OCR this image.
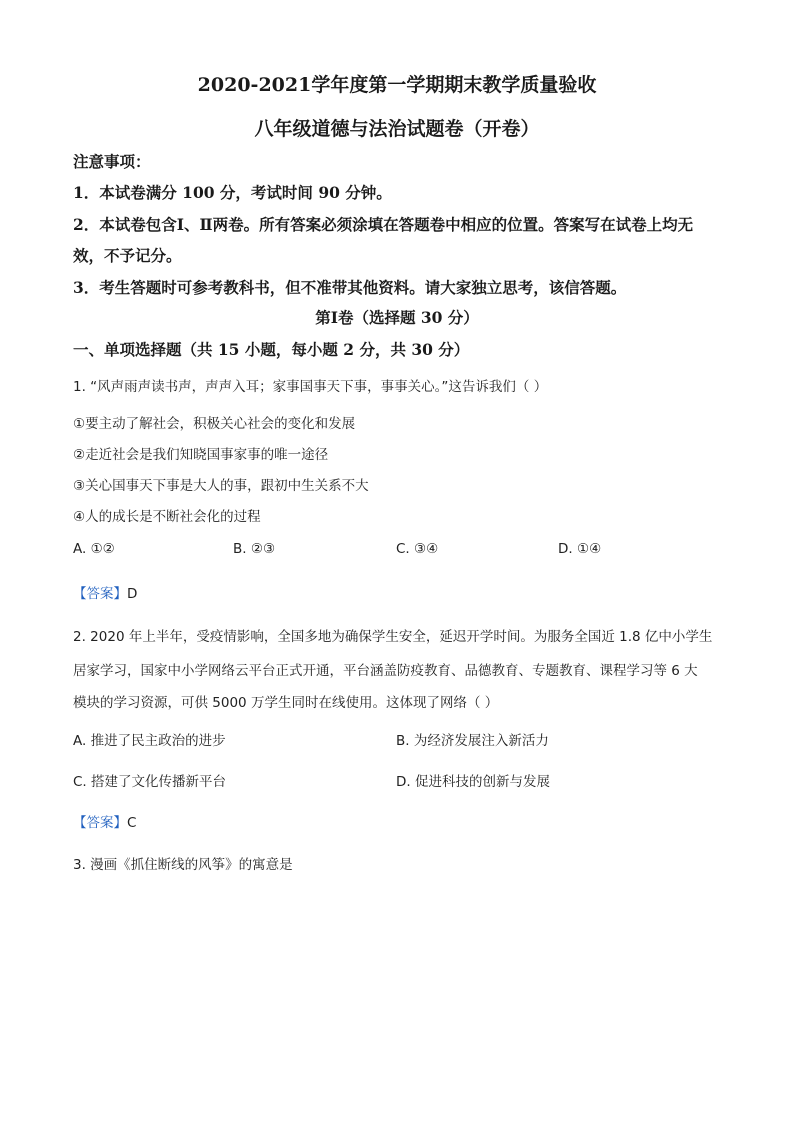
2020-2021学年度第一学期期末教学质量验收
八年级道德与法治试题卷（开卷）
注意事项：
1．本试卷满分 100 分，考试时间 90 分钟。
2．本试卷包含Ⅰ、Ⅱ两卷。所有答案必须涂填在答题卷中相应的位置。答案写在试卷上均无
效，不予记分。
3．考生答题时可参考教科书，但不准带其他资料。请大家独立思考，该信答题。
第Ⅰ卷（选择题 30 分）
一、单项选择题（共 15 小题，每小题 2 分，共 30 分）
1. “风声雨声读书声，声声入耳；家事国事天下事，事事关心。”这告诉我们（ ）
①要主动了解社会，积极关心社会的变化和发展
②走近社会是我们知晓国事家事的唯一途径
③关心国事天下事是大人的事，跟初中生关系不大
④人的成长是不断社会化的过程
A. ①②	B. ②③	C. ③④	D. ①④
【答案】D
2. 2020 年上半年，受疫情影响，全国多地为确保学生安全，延迟开学时间。为服务全国近 1.8 亿中小学生
居家学习，国家中小学网络云平台正式开通，平台涵盖防疫教育、品德教育、专题教育、课程学习等 6 大
模块的学习资源，可供 5000 万学生同时在线使用。这体现了网络（ ）
A. 推进了民主政治的进步	B. 为经济发展注入新活力
C. 搭建了文化传播新平台	D. 促进科技的创新与发展
【答案】C
3. 漫画《抓住断线的风筝》的寓意是
